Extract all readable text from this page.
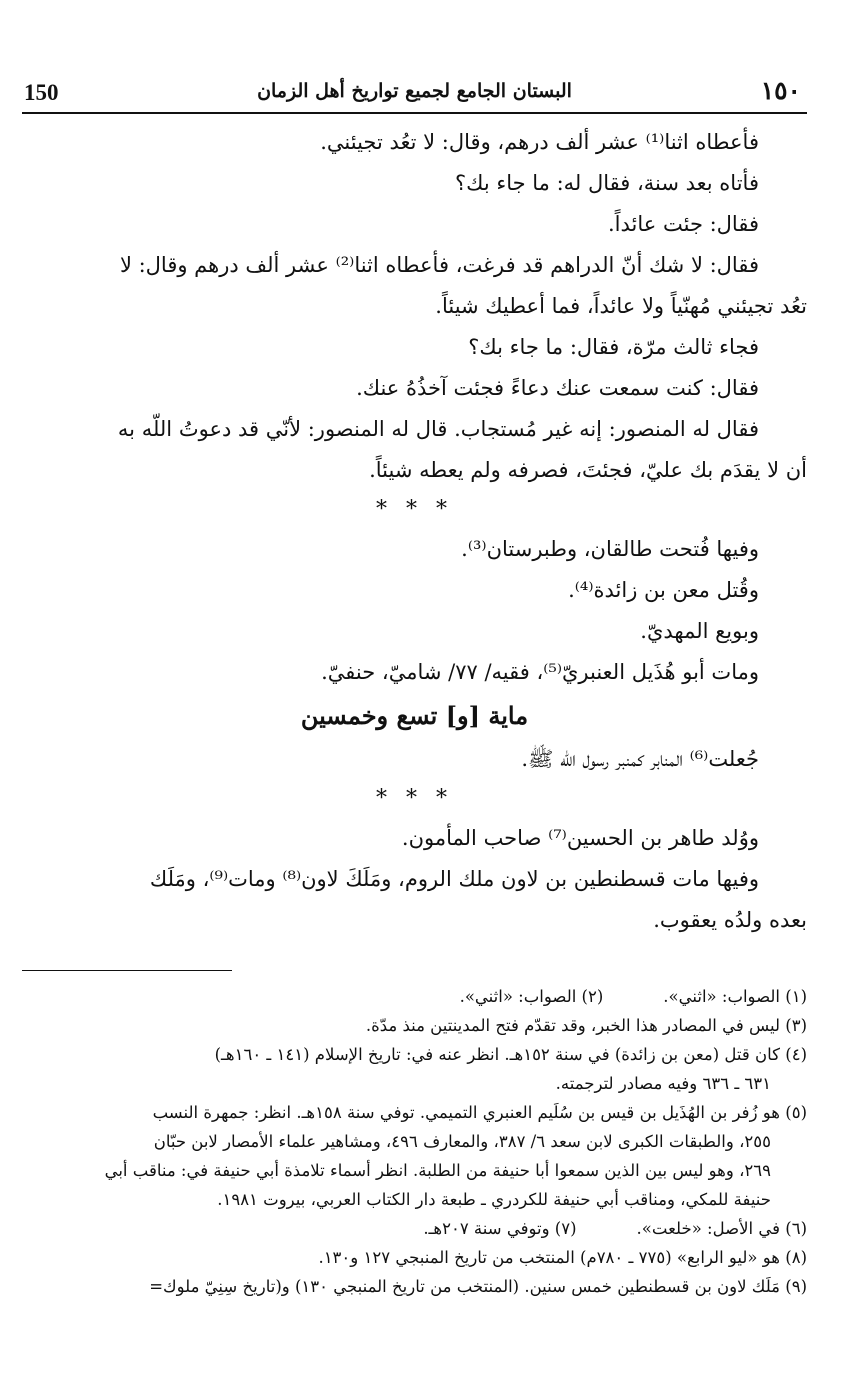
150	البستان الجامع لجميع تواريخ أهل الزمان	١٥٠

فأعطاه اثنا⁽¹⁾ عشر ألف درهم، وقال: لا تعُد تجيئني.

فأتاه بعد سنة، فقال له: ما جاء بك؟

فقال: جئت عائداً.

فقال: لا شك أنّ الدراهم قد فرغت، فأعطاه اثنا⁽²⁾ عشر ألف درهم وقال: لا

تعُد تجيئني مُهنّياً ولا عائداً، فما أعطيك شيئاً.

فجاء ثالث مرّة، فقال: ما جاء بك؟

فقال: كنت سمعت عنك دعاءً فجئت آخذُهُ عنك.

فقال له المنصور: إنه غير مُستجاب. قال له المنصور: لأنّي قد دعوتُ اللّه به

أن لا يقدَم بك عليّ، فجئتَ، فصرفه ولم يعطه شيئاً.

* * *

وفيها فُتحت طالقان، وطبرستان⁽³⁾.

وقُتل معن بن زائدة⁽⁴⁾.

وبويع المهديّ.

ومات أبو هُذَيل العنبريّ⁽⁵⁾، فقيه/ ٧٧/ شاميّ، حنفيّ.

ماية [و] تسع وخمسين

جُعلت⁽⁶⁾ المنابر كمنبر رسول اللّه ﷺ.

* * *

ووُلد طاهر بن الحسين⁽⁷⁾ صاحب المأمون.

وفيها مات قسطنطين بن لاون ملك الروم، ومَلَكَ لاون⁽⁸⁾ ومات⁽⁹⁾، ومَلَك

بعده ولدُه يعقوب.

(١) الصواب: «اثني».
(٢) الصواب: «اثني».

(٣) ليس في المصادر هذا الخبر، وقد تقدّم فتح المدينتين منذ مدّة.

(٤) كان قتل (معن بن زائدة) في سنة ١٥٢هـ. انظر عنه في: تاريخ الإسلام (١٤١ ـ ١٦٠هـ)

٦٣١ ـ ٦٣٦ وفيه مصادر لترجمته.

(٥) هو زُفر بن الهُذَيل بن قيس بن سُلَيم العنبري التميمي. توفي سنة ١٥٨هـ. انظر: جمهرة النسب

٢٥٥، والطبقات الكبرى لابن سعد ٦/ ٣٨٧، والمعارف ٤٩٦، ومشاهير علماء الأمصار لابن حبّان

٢٦٩، وهو ليس بين الذين سمعوا أبا حنيفة من الطلبة. انظر أسماء تلامذة أبي حنيفة في: مناقب أبي

حنيفة للمكي، ومناقب أبي حنيفة للكردري ـ طبعة دار الكتاب العربي، بيروت ١٩٨١.

(٦) في الأصل: «خلعت».
(٧) وتوفي سنة ٢٠٧هـ.

(٨) هو «ليو الرابع» (٧٧٥ ـ ٧٨٠م) المنتخب من تاريخ المنبجي ١٢٧ و١٣٠.

(٩) مَلَك لاون بن قسطنطين خمس سنين. (المنتخب من تاريخ المنبجي ١٣٠) و(تاريخ سِنِيّ ملوك=
